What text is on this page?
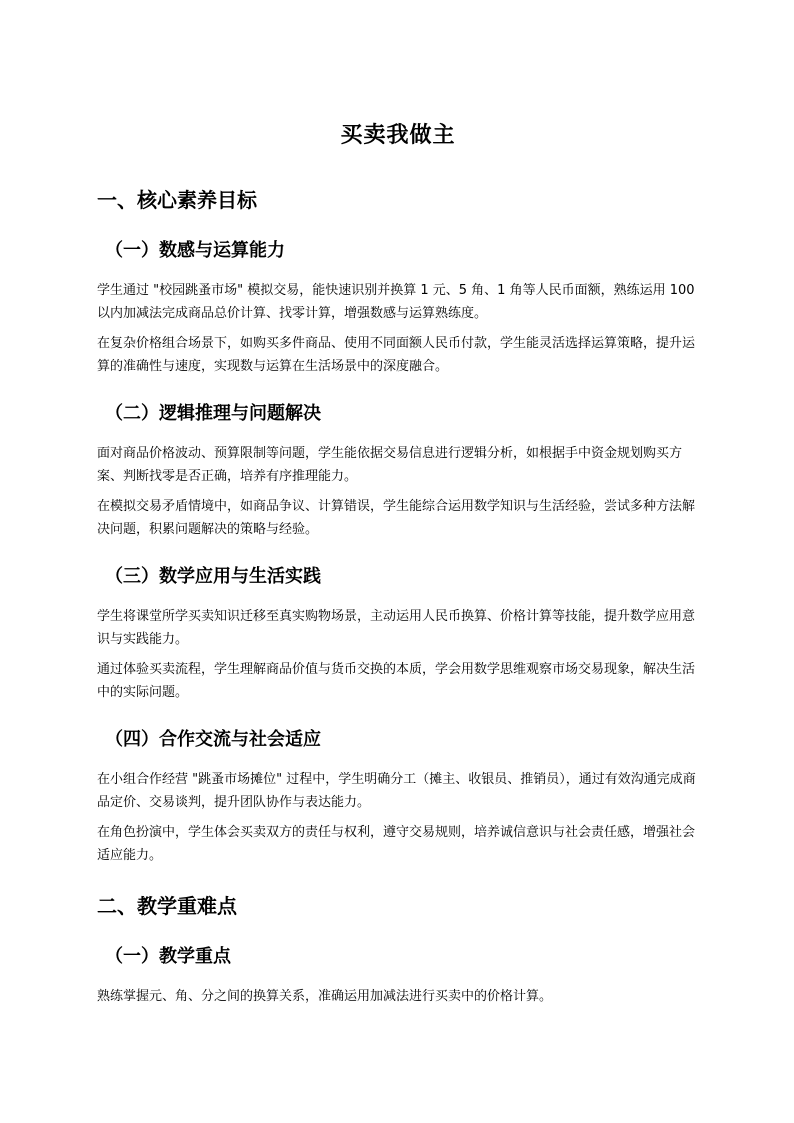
买卖我做主
一、核心素养目标
（一）数感与运算能力

学生通过 "校园跳蚤市场" 模拟交易，能快速识别并换算 1 元、5 角、1 角等人民币面额，熟练运用 100 以内加减法完成商品总价计算、找零计算，增强数感与运算熟练度。

在复杂价格组合场景下，如购买多件商品、使用不同面额人民币付款，学生能灵活选择运算策略，提升运算的准确性与速度，实现数与运算在生活场景中的深度融合。

（二）逻辑推理与问题解决

面对商品价格波动、预算限制等问题，学生能依据交易信息进行逻辑分析，如根据手中资金规划购买方案、判断找零是否正确，培养有序推理能力。

在模拟交易矛盾情境中，如商品争议、计算错误，学生能综合运用数学知识与生活经验，尝试多种方法解决问题，积累问题解决的策略与经验。

（三）数学应用与生活实践

学生将课堂所学买卖知识迁移至真实购物场景，主动运用人民币换算、价格计算等技能，提升数学应用意识与实践能力。

通过体验买卖流程，学生理解商品价值与货币交换的本质，学会用数学思维观察市场交易现象，解决生活中的实际问题。

（四）合作交流与社会适应

在小组合作经营 "跳蚤市场摊位" 过程中，学生明确分工（摊主、收银员、推销员），通过有效沟通完成商品定价、交易谈判，提升团队协作与表达能力。

在角色扮演中，学生体会买卖双方的责任与权利，遵守交易规则，培养诚信意识与社会责任感，增强社会适应能力。

二、教学重难点
（一）教学重点

熟练掌握元、角、分之间的换算关系，准确运用加减法进行买卖中的价格计算。
